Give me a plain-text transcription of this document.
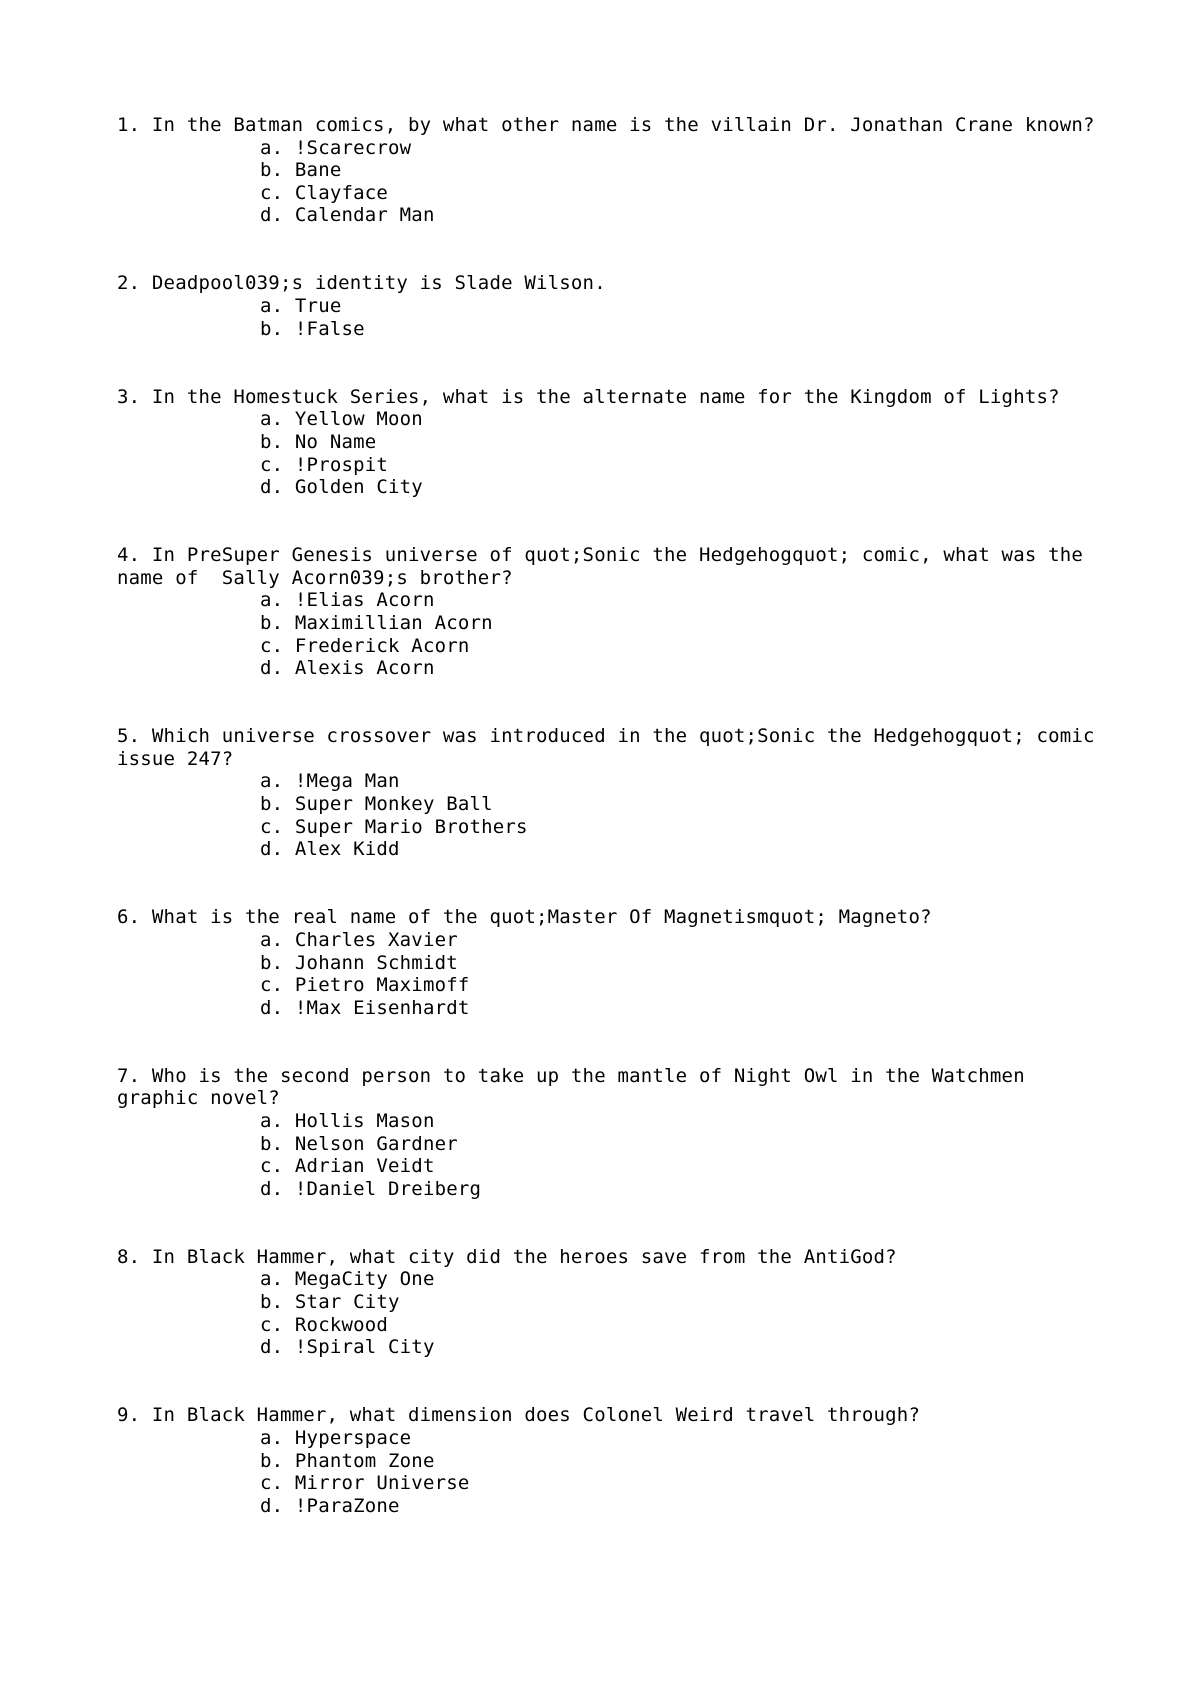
1. In the Batman comics, by what other name is the villain Dr. Jonathan Crane known?

a. !Scarecrow
b. Bane
c. Clayface
d. Calendar Man

2. Deadpool039;s identity is Slade Wilson.

a. True
b. !False

3. In the Homestuck Series, what is the alternate name for the Kingdom of Lights?

a. Yellow Moon
b. No Name
c. !Prospit
d. Golden City

4. In PreSuper Genesis universe of quot;Sonic the Hedgehogquot; comic, what was the name of  Sally Acorn039;s brother?

a. !Elias Acorn
b. Maximillian Acorn
c. Frederick Acorn
d. Alexis Acorn

5. Which universe crossover was introduced in the quot;Sonic the Hedgehogquot; comic issue 247?

a. !Mega Man
b. Super Monkey Ball
c. Super Mario Brothers
d. Alex Kidd

6. What is the real name of the quot;Master Of Magnetismquot; Magneto?

a. Charles Xavier
b. Johann Schmidt
c. Pietro Maximoff
d. !Max Eisenhardt

7. Who is the second person to take up the mantle of Night Owl in the Watchmen graphic novel?

a. Hollis Mason
b. Nelson Gardner
c. Adrian Veidt
d. !Daniel Dreiberg

8. In Black Hammer, what city did the heroes save from the AntiGod?

a. MegaCity One
b. Star City
c. Rockwood
d. !Spiral City

9. In Black Hammer, what dimension does Colonel Weird travel through?

a. Hyperspace
b. Phantom Zone
c. Mirror Universe
d. !ParaZone
